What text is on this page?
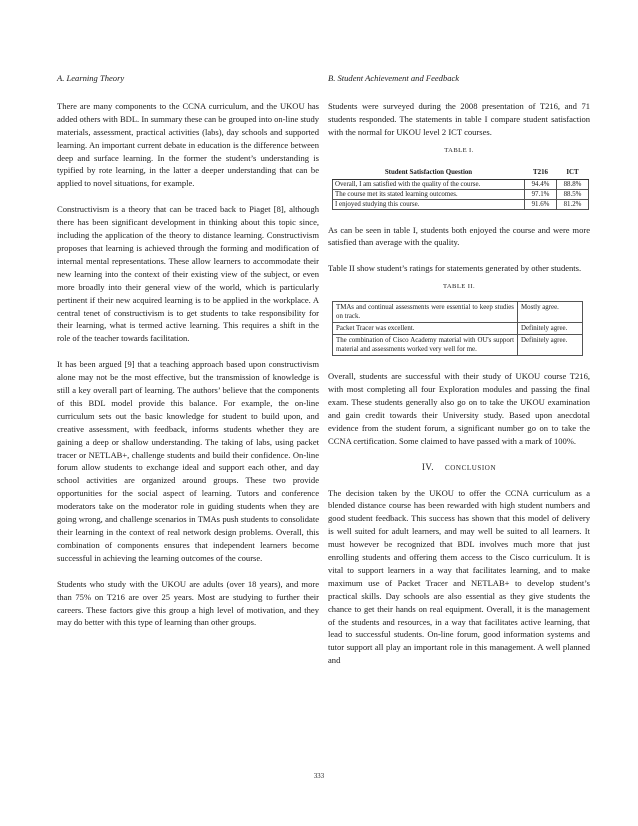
A. Learning Theory

There are many components to the CCNA curriculum, and the UKOU has added others with BDL. In summary these can be grouped into on-line study materials, assessment, practical activities (labs), day schools and supported learning. An important current debate in education is the difference between deep and surface learning. In the former the student’s understanding is typified by rote learning, in the latter a deeper understanding that can be applied to novel situations, for example.

Constructivism is a theory that can be traced back to Piaget [8], although there has been significant development in thinking about this topic since, including the application of the theory to distance learning. Constructivism proposes that learning is achieved through the forming and modification of internal mental representations. These allow learners to accommodate their new learning into the context of their existing view of the subject, or even more broadly into their general view of the world, which is particularly pertinent if their new acquired learning is to be applied in the workplace. A central tenet of constructivism is to get students to take responsibility for their learning, what is termed active learning. This requires a shift in the role of the teacher towards facilitation.

It has been argued [9] that a teaching approach based upon constructivism alone may not be the most effective, but the transmission of knowledge is still a key overall part of learning. The authors’ believe that the components of this BDL model provide this balance. For example, the on-line curriculum sets out the basic knowledge for student to build upon, and creative assessment, with feedback, informs students whether they are gaining a deep or shallow understanding. The taking of labs, using packet tracer or NETLAB+, challenge students and build their confidence. On-line forum allow students to exchange ideal and support each other, and day school activities are organized around groups. These two provide opportunities for the social aspect of learning. Tutors and conference moderators take on the moderator role in guiding students when they are going wrong, and challenge scenarios in TMAs push students to consolidate their learning in the context of real network design problems. Overall, this combination of components ensures that independent learners become successful in achieving the learning outcomes of the course.

Students who study with the UKOU are adults (over 18 years), and more than 75% on T216 are over 25 years. Most are studying to further their careers. These factors give this group a high level of motivation, and they may do better with this type of learning than other groups.

B. Student Achievement and Feedback

Students were surveyed during the 2008 presentation of T216, and 71 students responded. The statements in table I compare student satisfaction with the normal for UKOU level 2 ICT courses.

TABLE I.
Student Satisfaction Question	T216	ICT
Overall, I am satisfied with the quality of the course.	94.4%	88.8%
The course met its stated learning outcomes.	97.1%	88.5%
I enjoyed studying this course.	91.6%	81.2%

As can be seen in table I, students both enjoyed the course and were more satisfied than average with the quality.

Table II show student’s ratings for statements generated by other students.

TABLE II.
TMAs and continual assessments were essential to keep studies on track.	Mostly agree.
Packet Tracer was excellent.	Definitely agree.
The combination of Cisco Academy material with OU's support material and assessments worked very well for me.	Definitely agree.

Overall, students are successful with their study of UKOU course T216, with most completing all four Exploration modules and passing the final exam. These students generally also go on to take the UKOU examination and gain credit towards their University study. Based upon anecdotal evidence from the student forum, a significant number go on to take the CCNA certification. Some claimed to have passed with a mark of 100%.

IV. CONCLUSION

The decision taken by the UKOU to offer the CCNA curriculum as a blended distance course has been rewarded with high student numbers and good student feedback. This success has shown that this model of delivery is well suited for adult learners, and may well be suited to all learners. It must however be recognized that BDL involves much more that just enrolling students and offering them access to the Cisco curriculum. It is vital to support learners in a way that facilitates learning, and to make maximum use of Packet Tracer and NETLAB+ to develop student’s practical skills. Day schools are also essential as they give students the chance to get their hands on real equipment. Overall, it is the management of the students and resources, in a way that facilitates active learning, that lead to successful students. On-line forum, good information systems and tutor support all play an important role in this management. A well planned and

333
